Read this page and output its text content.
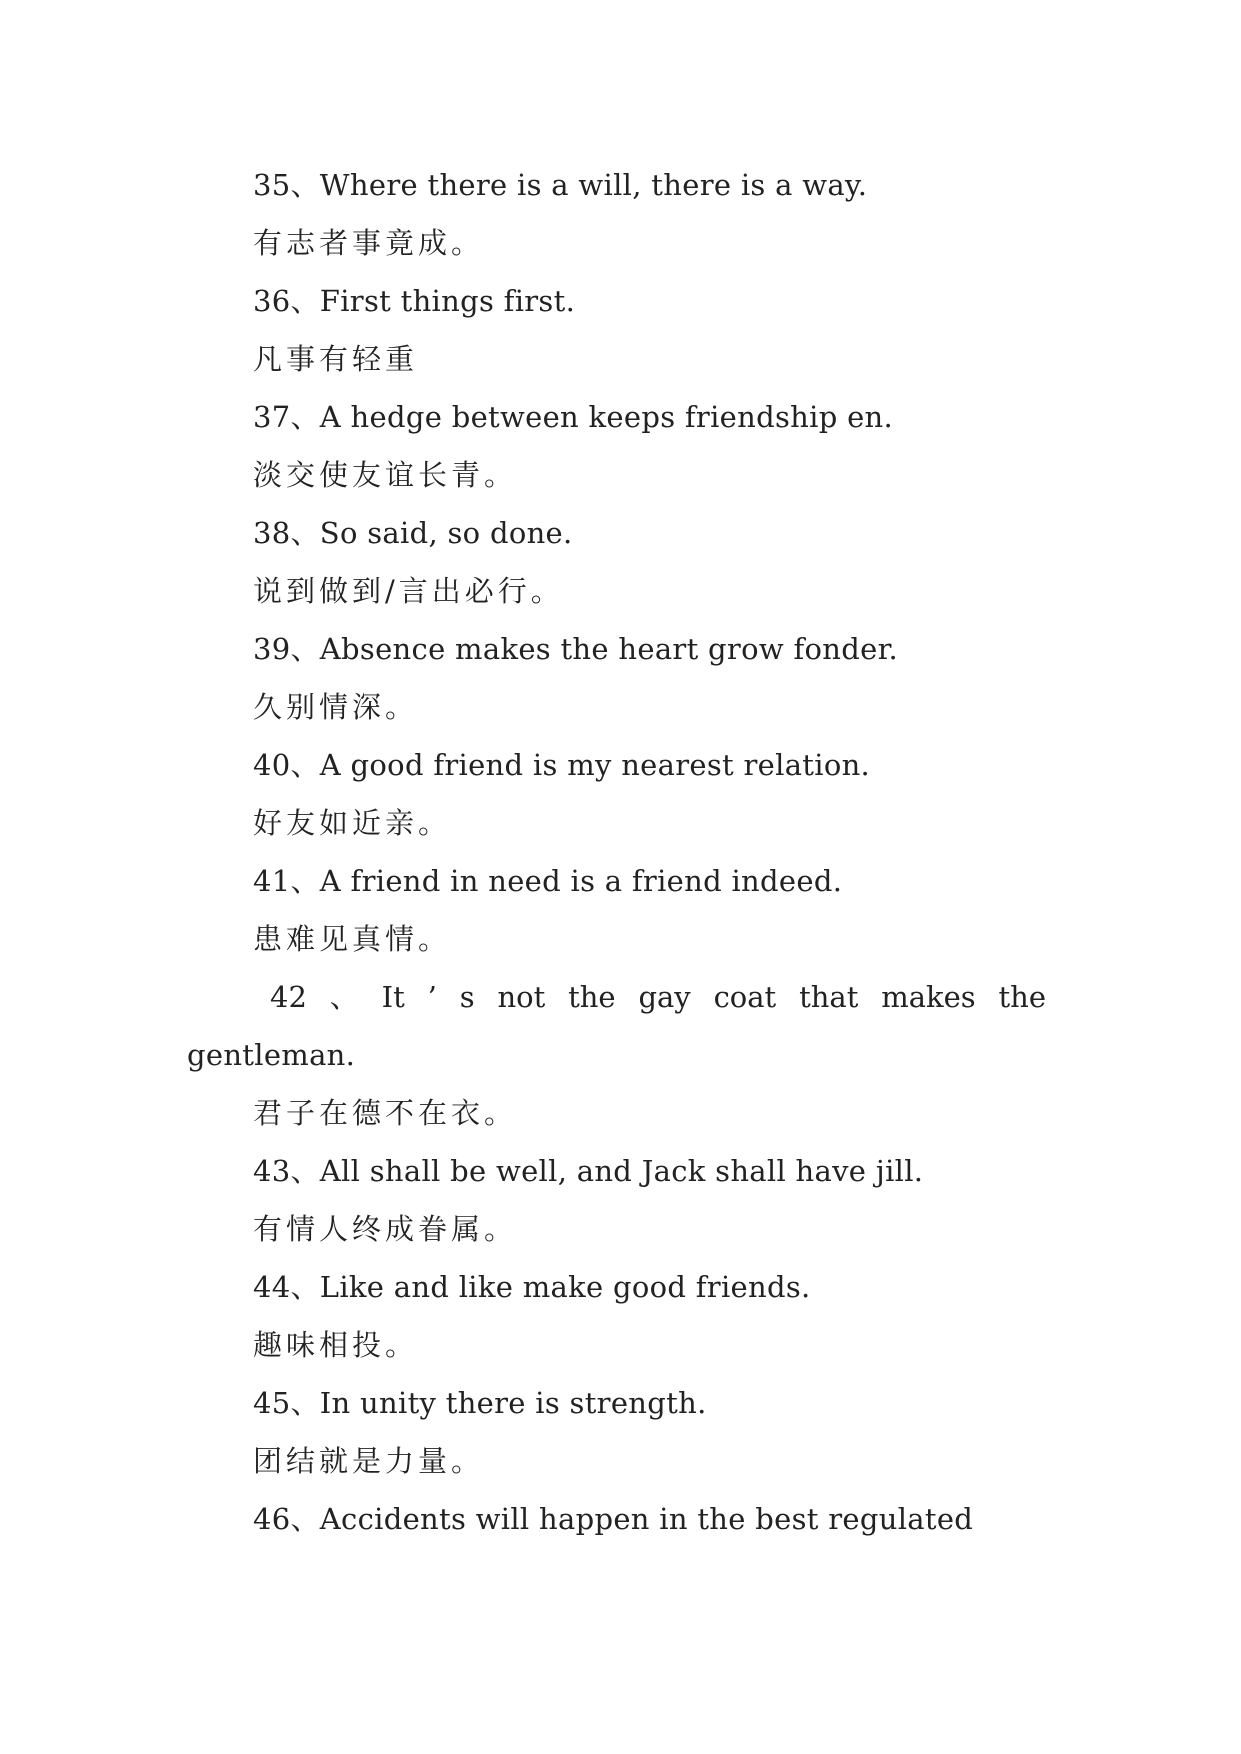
35、Where there is a will, there is a way.
有志者事竟成。
36、First things first.
凡事有轻重
37、A hedge between keeps friendship en.
淡交使友谊长青。
38、So said, so done.
说到做到/言出必行。
39、Absence makes the heart grow fonder.
久别情深。
40、A good friend is my nearest relation.
好友如近亲。
41、A friend in need is a friend indeed.
患难见真情。
42 、 It ’ s not the gay coat that makes the
gentleman.
君子在德不在衣。
43、All shall be well, and Jack shall have jill.
有情人终成眷属。
44、Like and like make good friends.
趣味相投。
45、In unity there is strength.
团结就是力量。
46、Accidents will happen in the best regulated
